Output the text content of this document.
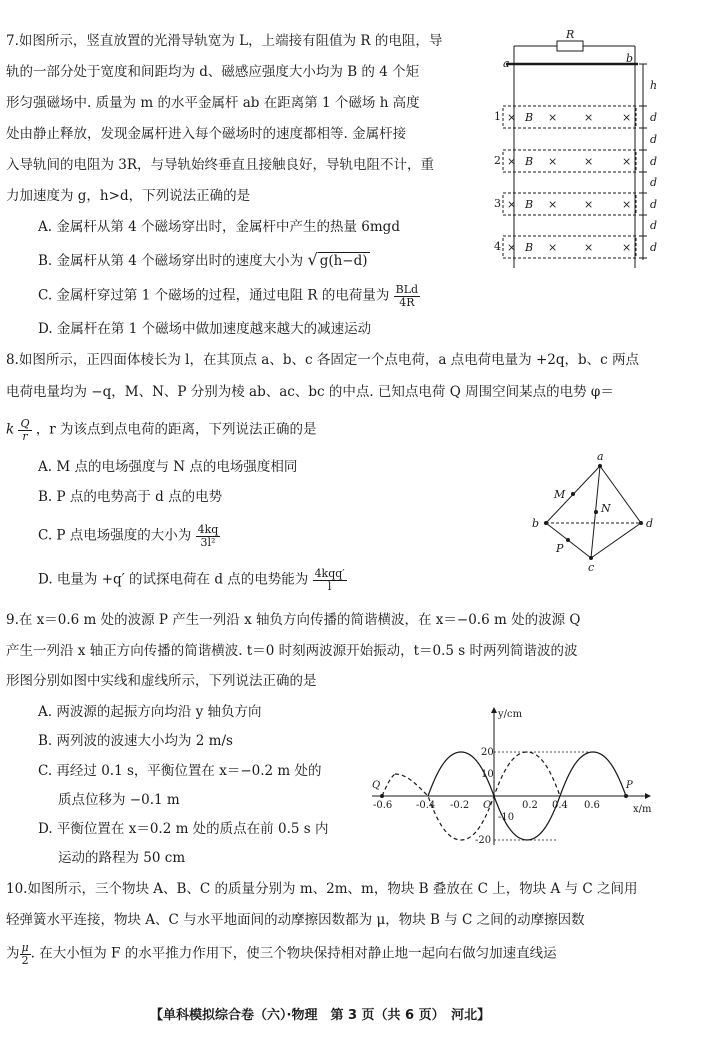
7.如图所示，竖直放置的光滑导轨宽为 L，上端接有阻值为 R 的电阻，导
轨的一部分处于宽度和间距均为 d、磁感应强度大小均为 B 的 4 个矩
形匀强磁场中. 质量为 m 的水平金属杆 ab 在距离第 1 个磁场 h 高度
处由静止释放，发现金属杆进入每个磁场时的速度都相等. 金属杆接
入导轨间的电阻为 3R，与导轨始终垂直且接触良好，导轨电阻不计，重
力加速度为 g，h>d，下列说法正确的是
A. 金属杆从第 4 个磁场穿出时，金属杆中产生的热量 6mgd
B. 金属杆从第 4 个磁场穿出时的速度大小为 √ g(h−d)
C. 金属杆穿过第 1 个磁场的过程，通过电阻 R 的电荷量为 $\frac{\text{BLd}}{4R}$
D. 金属杆在第 1 个磁场中做加速度越来越大的减速运动
R
a	b
h
d
d
d
d
d
d
d
1
2
3
4
× B × ×	×
× B × ×	×
× B × ×	×
× B × ×	×
8.如图所示，正四面体棱长为 l，在其顶点 a、b、c 各固定一个点电荷，a 点电荷电量为 +2q，b、c 两点
电荷电量均为 −q，M、N、P 分别为棱 ab、ac、bc 的中点. 已知点电荷 Q 周围空间某点的电势 φ＝
k $\frac{Q}{r}$ ，r 为该点到点电荷的距离，下列说法正确的是
A. M 点的电场强度与 N 点的电场强度相同
B. P 点的电势高于 d 点的电势
C. P 点电场强度的大小为 $\frac{4kq}{\text{3l²}}$
D. 电量为 +q′ 的试探电荷在 d 点的电势能为 $\frac{\text{4kqq′}}{l}$
a
b
c
d
M
N
P
9.在 x＝0.6 m 处的波源 P 产生一列沿 x 轴负方向传播的简谐横波，在 x＝−0.6 m 处的波源 Q
产生一列沿 x 轴正方向传播的简谐横波. t＝0 时刻两波源开始振动，t＝0.5 s 时两列简谐波的波
形图分别如图中实线和虚线所示，下列说法正确的是
A. 两波源的起振方向均沿 y 轴负方向
B. 两列波的波速大小均为 2 m/s
C. 再经过 0.1 s，平衡位置在 x＝−0.2 m 处的
质点位移为 −0.1 m
D. 平衡位置在 x＝0.2 m 处的质点在前 0.5 s 内
运动的路程为 50 cm
y/cm
x/m
O
-0.6 -0.4 -0.2	0.2 0.4 0.6
20
10
-10
-20
Q	P
10.如图所示，三个物块 A、B、C 的质量分别为 m、2m、m，物块 B 叠放在 C 上，物块 A 与 C 之间用
轻弹簧水平连接，物块 A、C 与水平地面间的动摩擦因数都为 μ，物块 B 与 C 之间的动摩擦因数
为 $\frac{\mu}{2}$ . 在大小恒为 F 的水平推力作用下，使三个物块保持相对静止地一起向右做匀加速直线运
【单科模拟综合卷（六）·物理　第 3 页（共 6 页）　河北】
